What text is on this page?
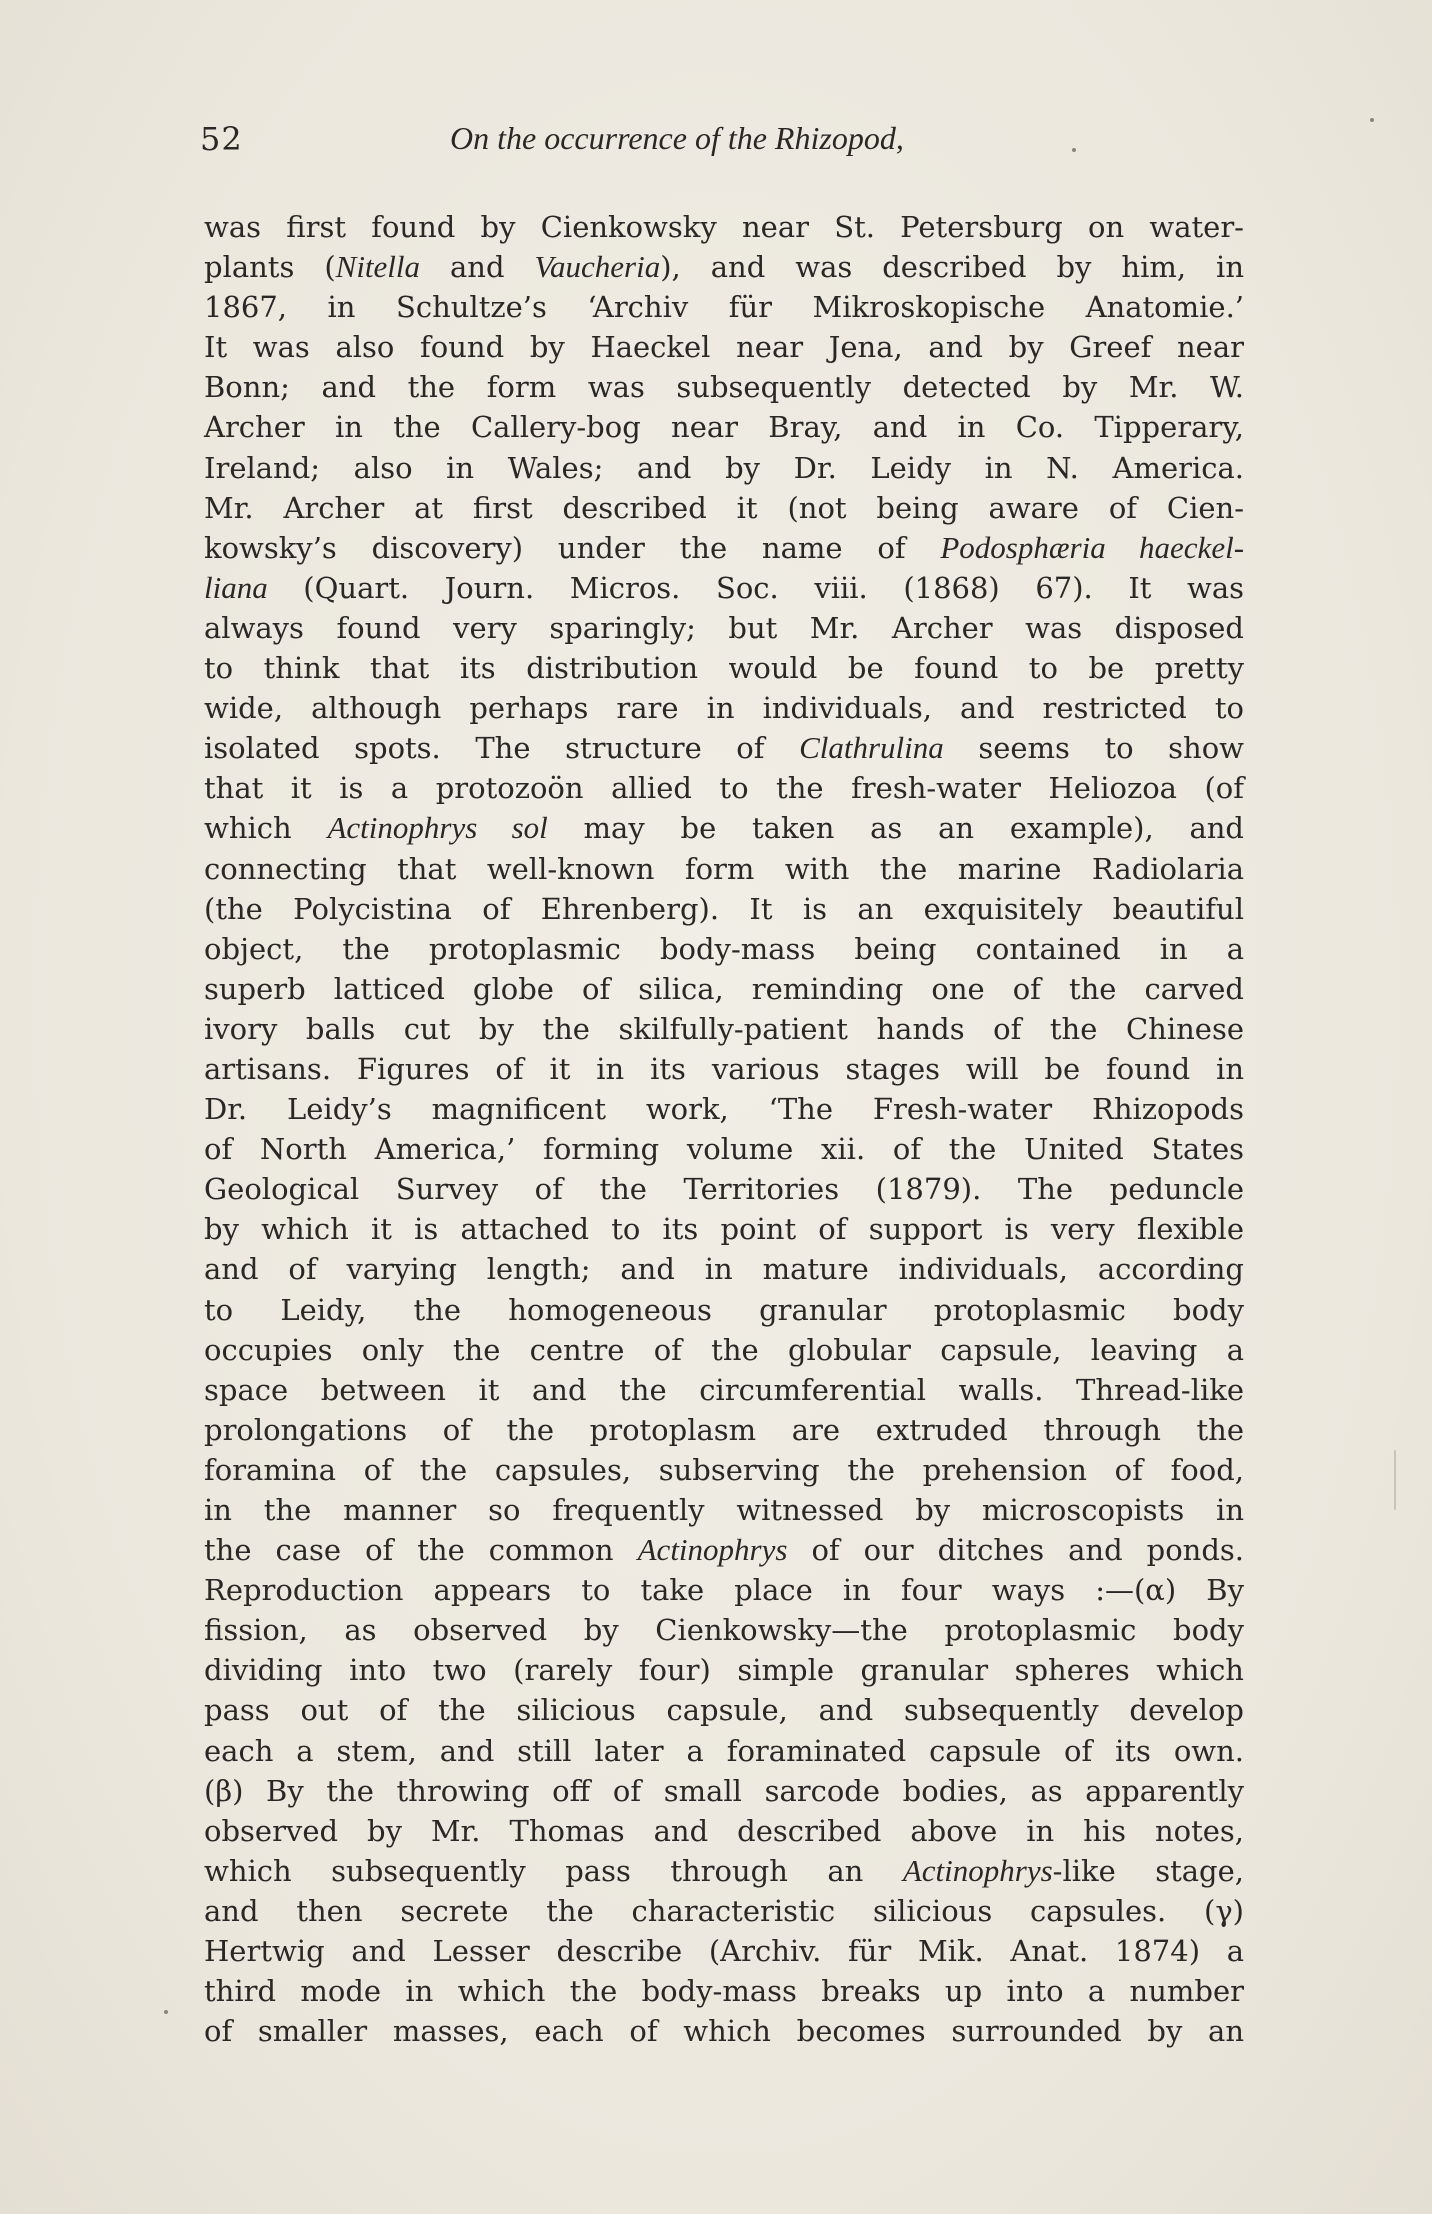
52	On the occurrence of the Rhizopod,
was first found by Cienkowsky near St. Petersburg on water-
plants (Nitella and Vaucheria), and was described by him, in
1867, in Schultze’s ‘Archiv für Mikroskopische Anatomie.’
It was also found by Haeckel near Jena, and by Greef near
Bonn; and the form was subsequently detected by Mr. W.
Archer in the Callery-bog near Bray, and in Co. Tipperary,
Ireland; also in Wales; and by Dr. Leidy in N. America.
Mr. Archer at first described it (not being aware of Cien-
kowsky’s discovery) under the name of Podosphæria haeckel-
liana (Quart. Journ. Micros. Soc. viii. (1868) 67). It was
always found very sparingly; but Mr. Archer was disposed
to think that its distribution would be found to be pretty
wide, although perhaps rare in individuals, and restricted to
isolated spots. The structure of Clathrulina seems to show
that it is a protozoön allied to the fresh-water Heliozoa (of
which Actinophrys sol may be taken as an example), and
connecting that well-known form with the marine Radiolaria
(the Polycistina of Ehrenberg). It is an exquisitely beautiful
object, the protoplasmic body-mass being contained in a
superb latticed globe of silica, reminding one of the carved
ivory balls cut by the skilfully-patient hands of the Chinese
artisans. Figures of it in its various stages will be found in
Dr. Leidy’s magnificent work, ‘The Fresh-water Rhizopods
of North America,’ forming volume xii. of the United States
Geological Survey of the Territories (1879). The peduncle
by which it is attached to its point of support is very flexible
and of varying length; and in mature individuals, according
to Leidy, the homogeneous granular protoplasmic body
occupies only the centre of the globular capsule, leaving a
space between it and the circumferential walls. Thread-like
prolongations of the protoplasm are extruded through the
foramina of the capsules, subserving the prehension of food,
in the manner so frequently witnessed by microscopists in
the case of the common Actinophrys of our ditches and ponds.
Reproduction appears to take place in four ways :—(α) By
fission, as observed by Cienkowsky—the protoplasmic body
dividing into two (rarely four) simple granular spheres which
pass out of the silicious capsule, and subsequently develop
each a stem, and still later a foraminated capsule of its own.
(β) By the throwing off of small sarcode bodies, as apparently
observed by Mr. Thomas and described above in his notes,
which subsequently pass through an Actinophrys-like stage,
and then secrete the characteristic silicious capsules. (γ)
Hertwig and Lesser describe (Archiv. für Mik. Anat. 1874) a
third mode in which the body-mass breaks up into a number
of smaller masses, each of which becomes surrounded by an
